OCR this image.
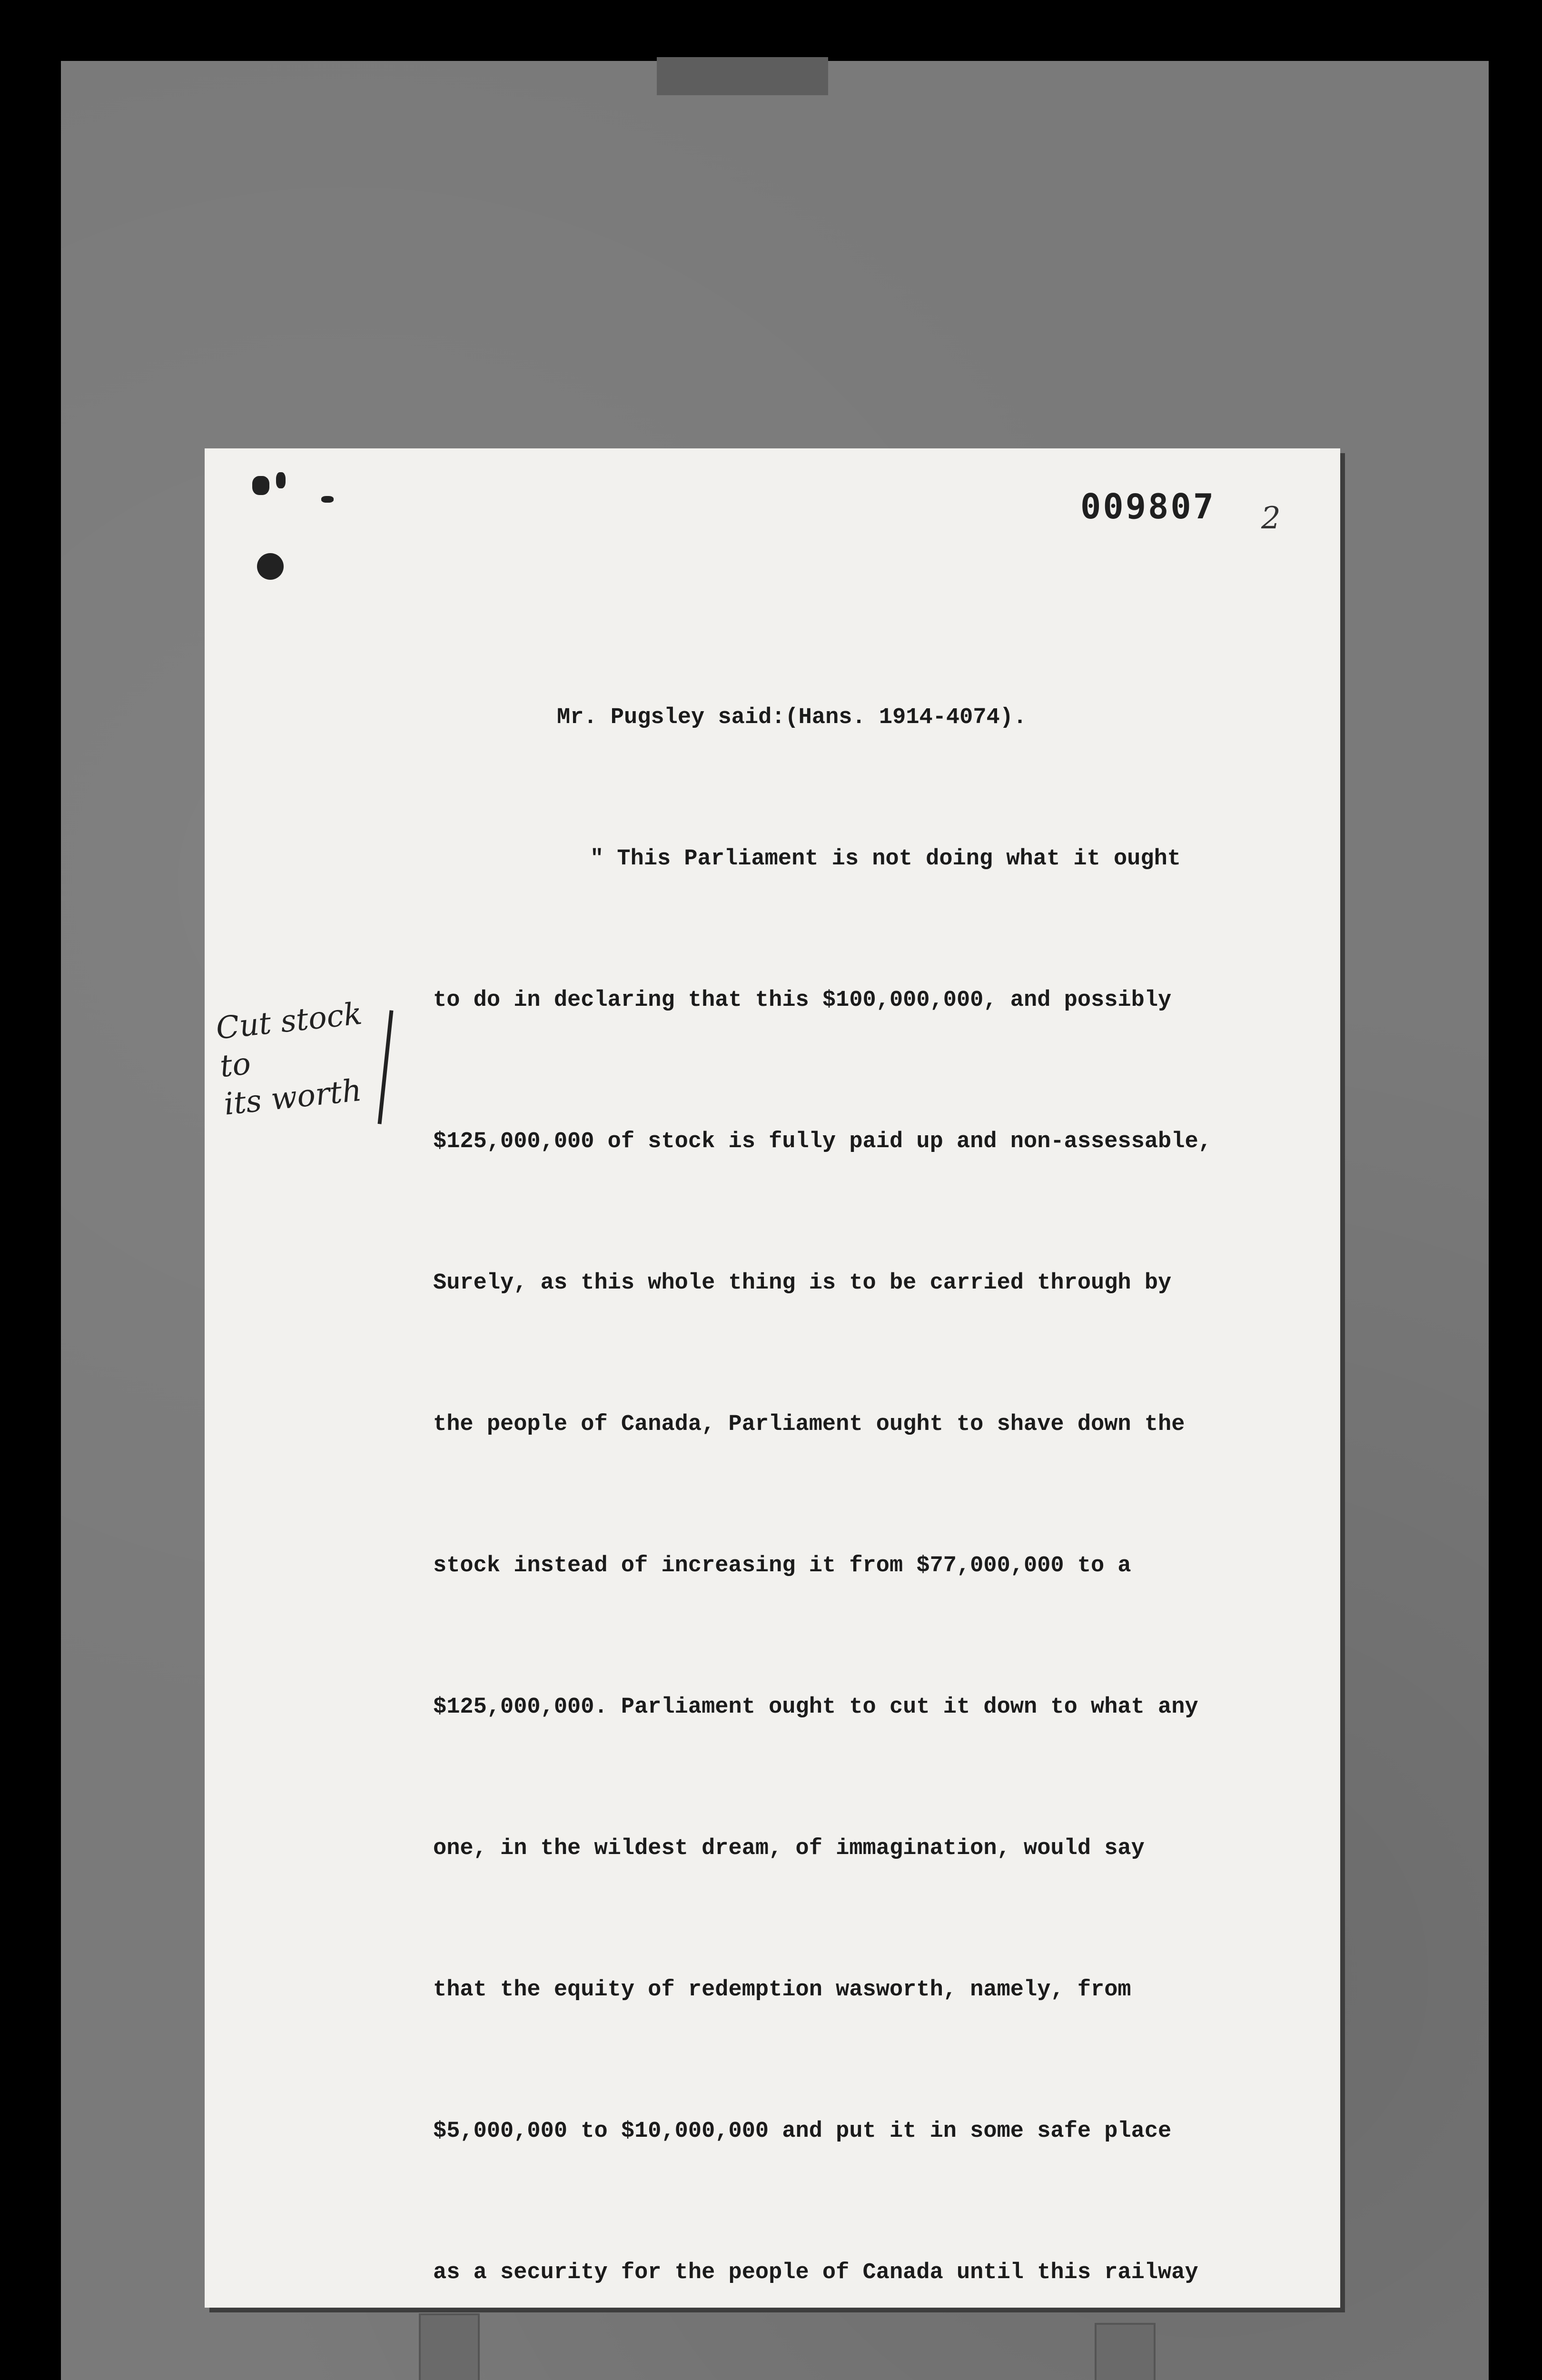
009807 2

Mr. Pugsley said:(Hans. 1914-4074).

" This Parliament is not doing what it ought

to do in declaring that this $100,000,000, and possibly

$125,000,000 of stock is fully paid up and non-assessable,

Surely, as this whole thing is to be carried through by

the people of Canada, Parliament ought to shave down the

stock instead of increasing it from $77,000,000 to a

$125,000,000. Parliament ought to cut it down to what any

one, in the wildest dream, of immagination, would say

that the equity of redemption wasworth, namely, from

$5,000,000 to $10,000,000 and put it in some safe place

as a security for the people of Canada until this railway

Cut stock to
its worth
